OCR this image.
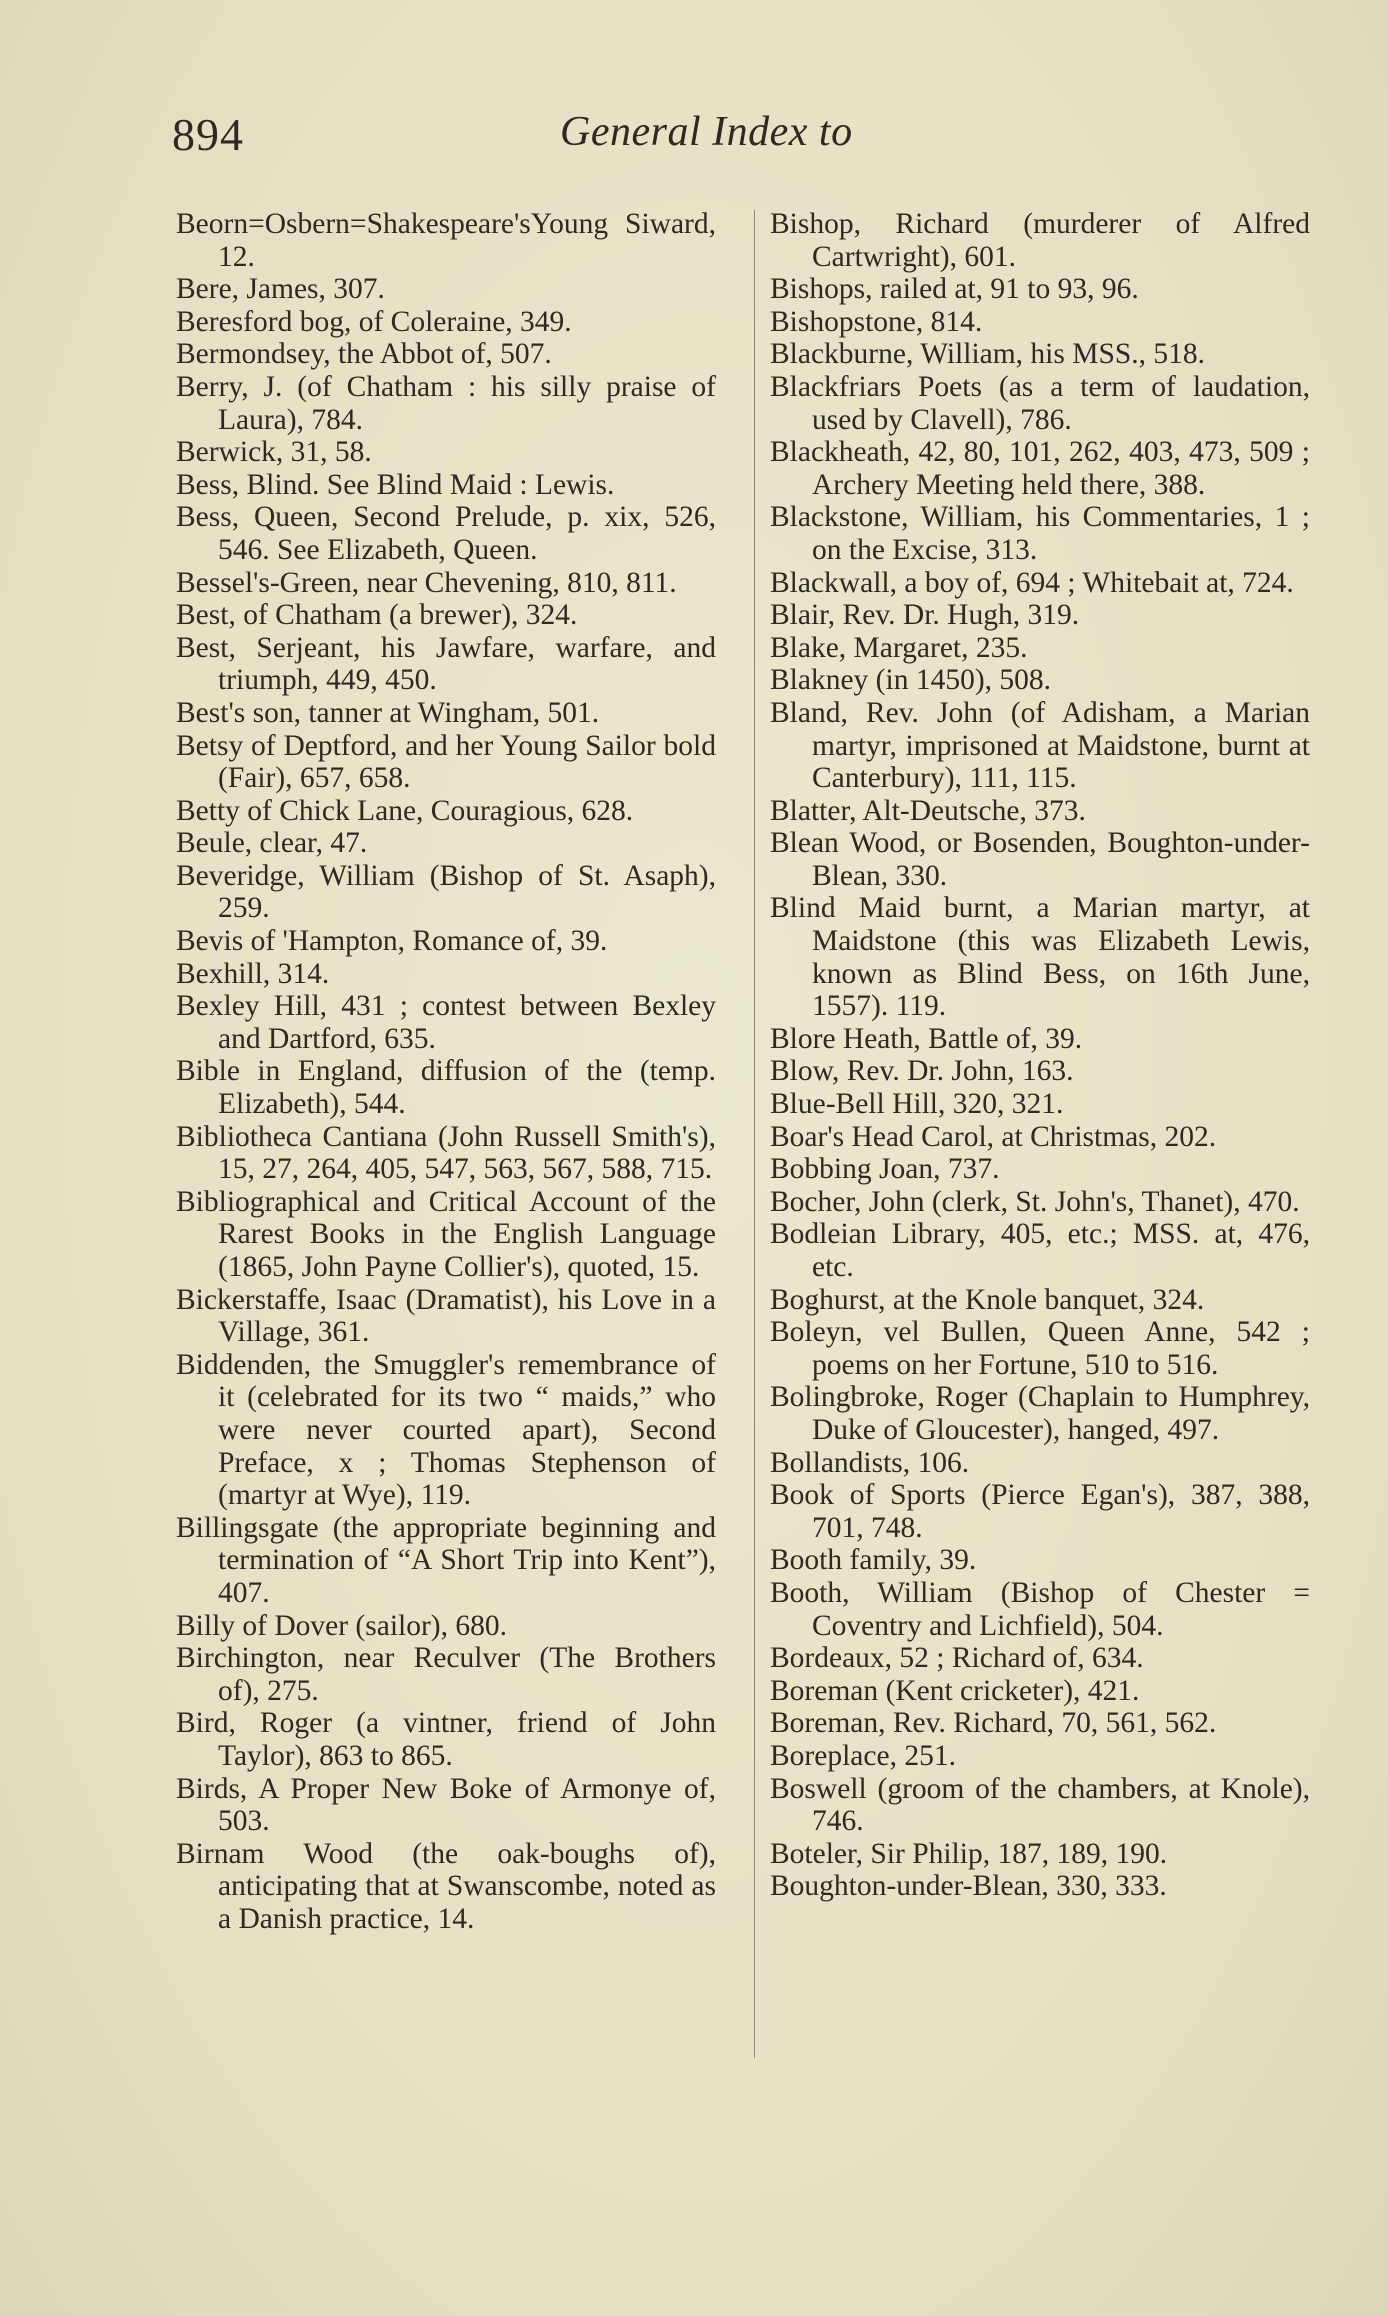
894	General Index to

Beorn=Osbern=Shakespeare'sYoung Siward, 12.

Bere, James, 307.

Beresford bog, of Coleraine, 349.

Bermondsey, the Abbot of, 507.

Berry, J. (of Chatham : his silly praise of Laura), 784.

Berwick, 31, 58.

Bess, Blind. See Blind Maid : Lewis.

Bess, Queen, Second Prelude, p. xix, 526, 546. See Elizabeth, Queen.

Bessel's-Green, near Chevening, 810, 811.

Best, of Chatham (a brewer), 324.

Best, Serjeant, his Jawfare, warfare, and triumph, 449, 450.

Best's son, tanner at Wingham, 501.

Betsy of Deptford, and her Young Sailor bold (Fair), 657, 658.

Betty of Chick Lane, Couragious, 628.

Beule, clear, 47.

Beveridge, William (Bishop of St. Asaph), 259.

Bevis of 'Hampton, Romance of, 39.

Bexhill, 314.

Bexley Hill, 431 ; contest between Bexley and Dartford, 635.

Bible in England, diffusion of the (temp. Elizabeth), 544.

Bibliotheca Cantiana (John Russell Smith's), 15, 27, 264, 405, 547, 563, 567, 588, 715.

Bibliographical and Critical Account of the Rarest Books in the English Language (1865, John Payne Collier's), quoted, 15.

Bickerstaffe, Isaac (Dramatist), his Love in a Village, 361.

Biddenden, the Smuggler's remembrance of it (celebrated for its two “ maids,” who were never courted apart), Second Preface, x ; Thomas Stephenson of (martyr at Wye), 119.

Billingsgate (the appropriate beginning and termination of “A Short Trip into Kent”), 407.

Billy of Dover (sailor), 680.

Birchington, near Reculver (The Brothers of), 275.

Bird, Roger (a vintner, friend of John Taylor), 863 to 865.

Birds, A Proper New Boke of Armonye of, 503.

Birnam Wood (the oak-boughs of), anticipating that at Swanscombe, noted as a Danish practice, 14.

Bishop, Richard (murderer of Alfred Cartwright), 601.

Bishops, railed at, 91 to 93, 96.

Bishopstone, 814.

Blackburne, William, his MSS., 518.

Blackfriars Poets (as a term of laudation, used by Clavell), 786.

Blackheath, 42, 80, 101, 262, 403, 473, 509 ; Archery Meeting held there, 388.

Blackstone, William, his Commentaries, 1 ; on the Excise, 313.

Blackwall, a boy of, 694 ; Whitebait at, 724.

Blair, Rev. Dr. Hugh, 319.

Blake, Margaret, 235.

Blakney (in 1450), 508.

Bland, Rev. John (of Adisham, a Marian martyr, imprisoned at Maidstone, burnt at Canterbury), 111, 115.

Blatter, Alt-Deutsche, 373.

Blean Wood, or Bosenden, Boughton-under-Blean, 330.

Blind Maid burnt, a Marian martyr, at Maidstone (this was Elizabeth Lewis, known as Blind Bess, on 16th June, 1557). 119.

Blore Heath, Battle of, 39.

Blow, Rev. Dr. John, 163.

Blue-Bell Hill, 320, 321.

Boar's Head Carol, at Christmas, 202.

Bobbing Joan, 737.

Bocher, John (clerk, St. John's, Thanet), 470.

Bodleian Library, 405, etc.; MSS. at, 476, etc.

Boghurst, at the Knole banquet, 324.

Boleyn, vel Bullen, Queen Anne, 542 ; poems on her Fortune, 510 to 516.

Bolingbroke, Roger (Chaplain to Humphrey, Duke of Gloucester), hanged, 497.

Bollandists, 106.

Book of Sports (Pierce Egan's), 387, 388, 701, 748.

Booth family, 39.

Booth, William (Bishop of Chester = Coventry and Lichfield), 504.

Bordeaux, 52 ; Richard of, 634.

Boreman (Kent cricketer), 421.

Boreman, Rev. Richard, 70, 561, 562.

Boreplace, 251.

Boswell (groom of the chambers, at Knole), 746.

Boteler, Sir Philip, 187, 189, 190.

Boughton-under-Blean, 330, 333.
